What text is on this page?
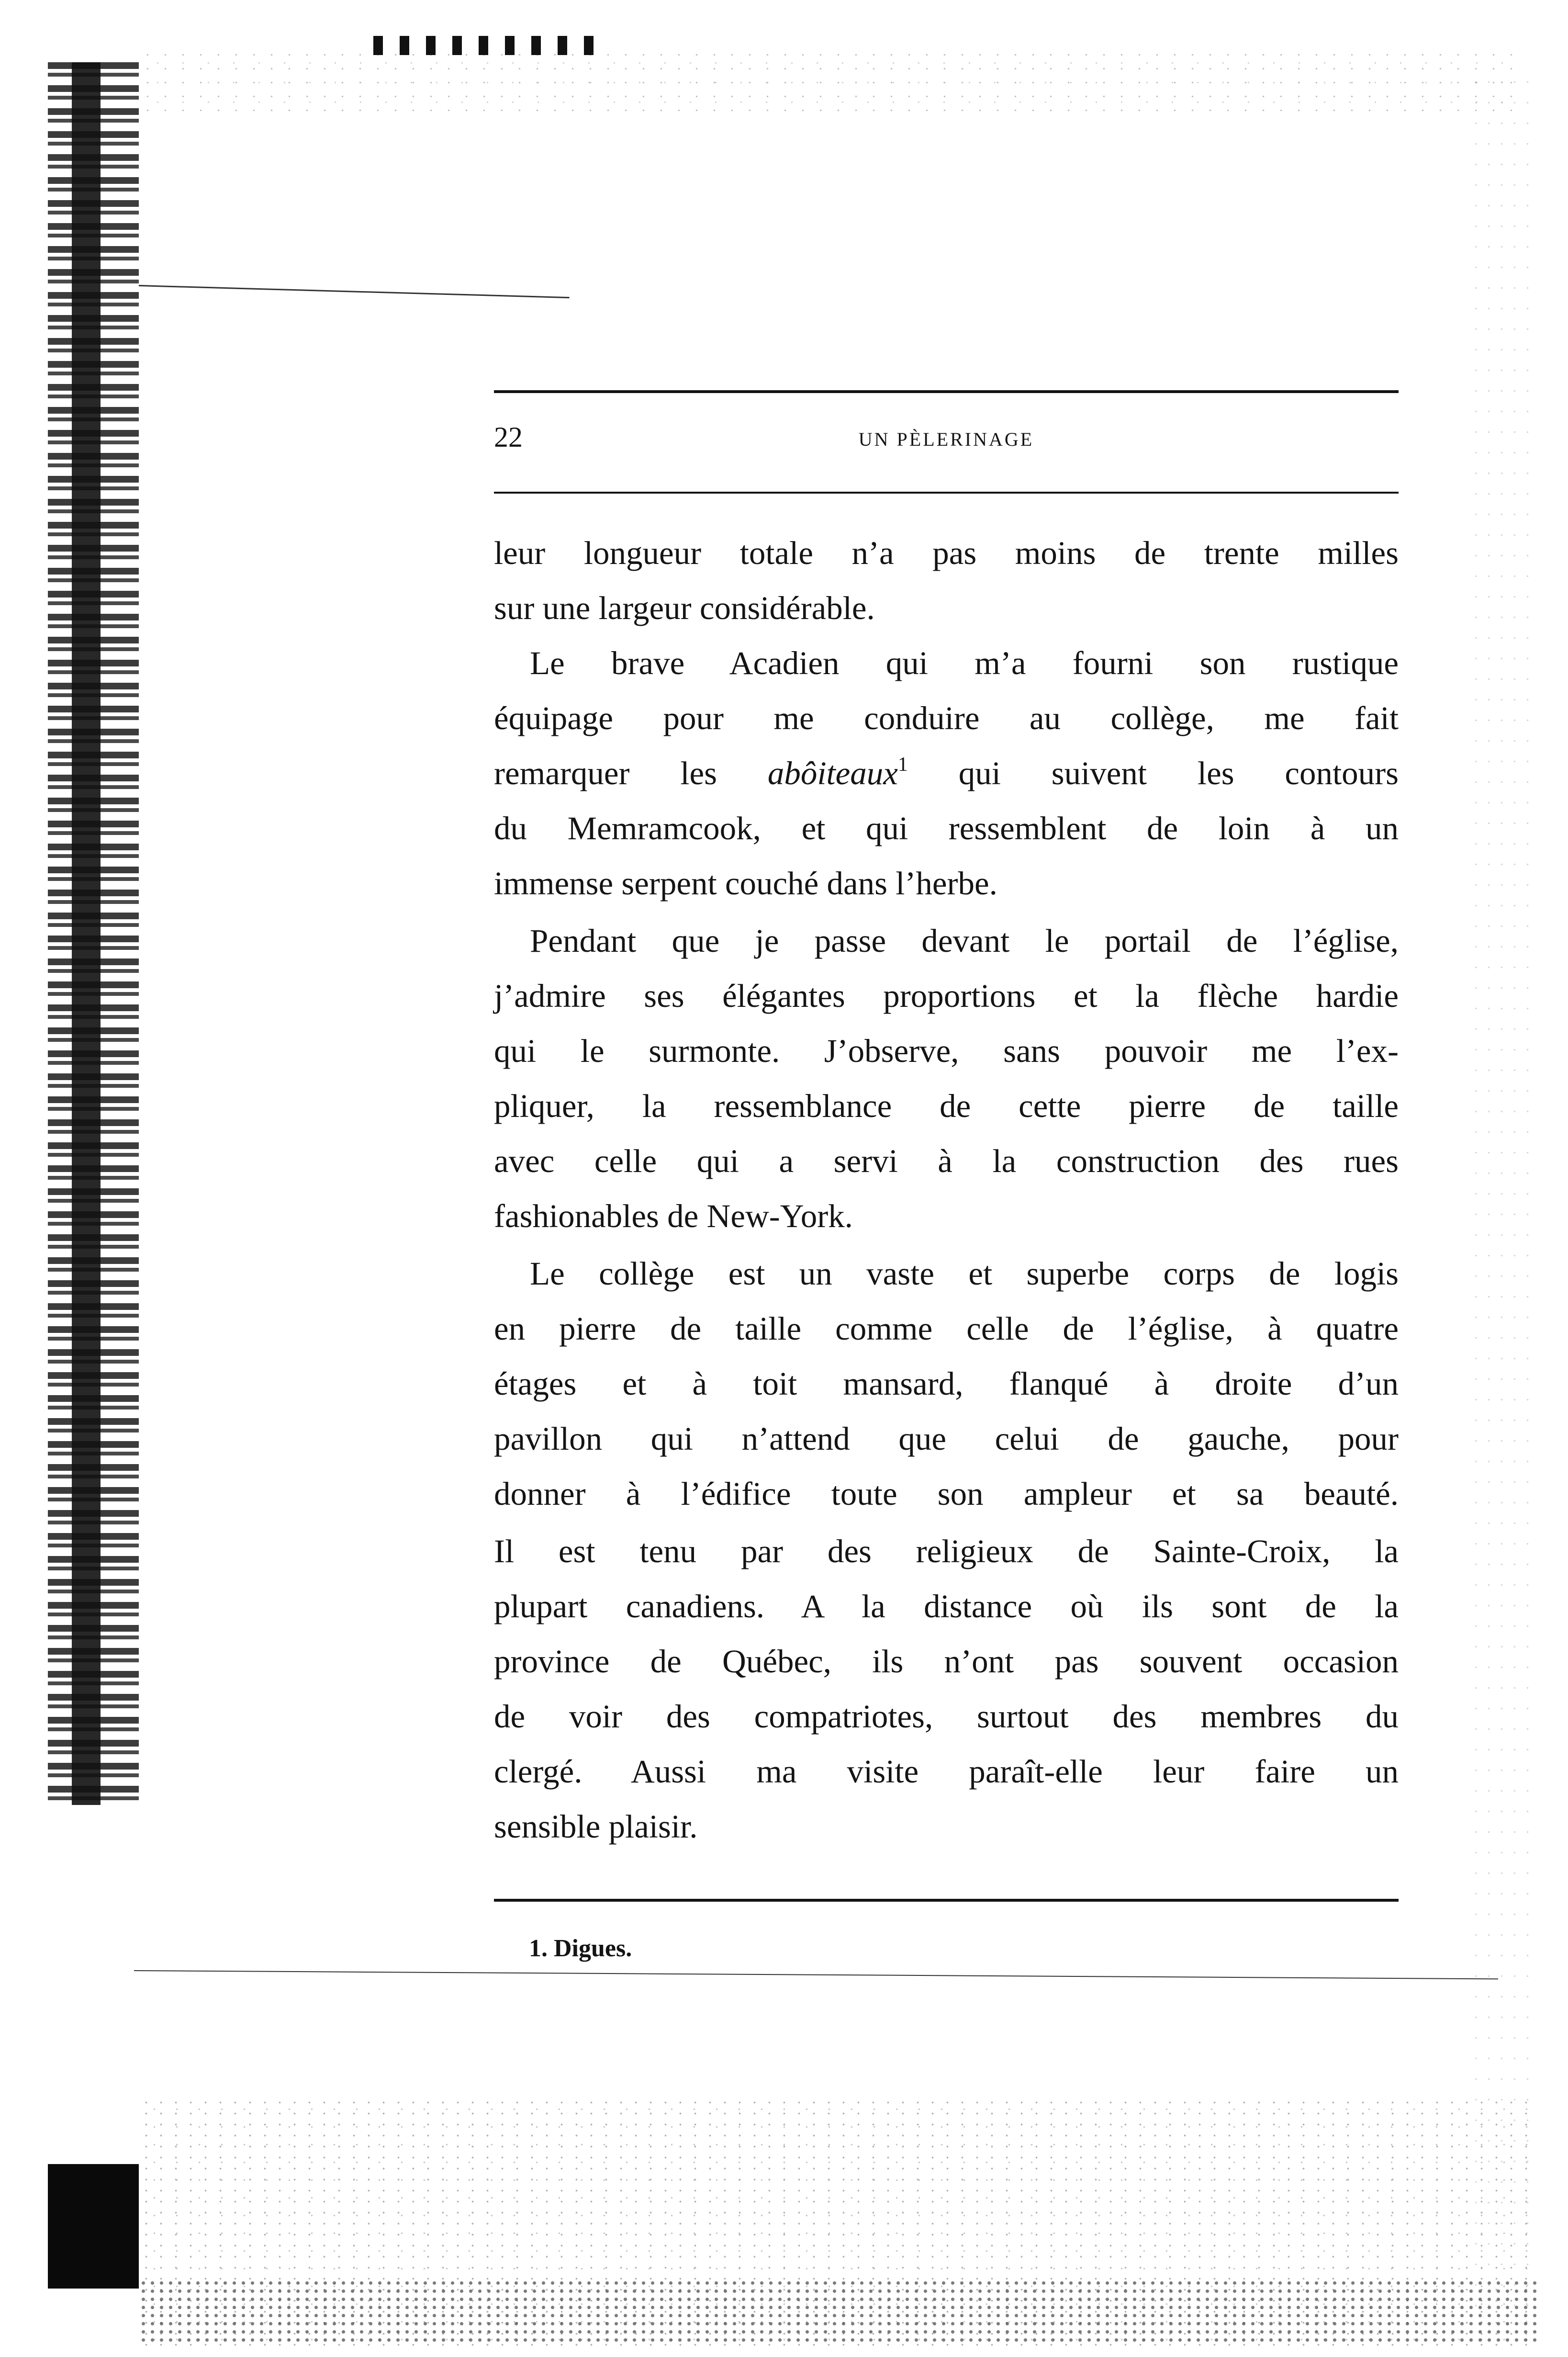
22	UN PÈLERINAGE

leur longueur totale n’a pas moins de trente milles

sur une largeur considérable.

Le brave Acadien qui m’a fourni son rustique

équipage pour me conduire au collège, me fait

remarquer les abôiteaux$^1$ qui suivent les contours

du Memramcook, et qui ressemblent de loin à un

immense serpent couché dans l’herbe.

Pendant que je passe devant le portail de l’église,

j’admire ses élégantes proportions et la flèche hardie

qui le surmonte. J’observe, sans pouvoir me l’ex-

pliquer, la ressemblance de cette pierre de taille

avec celle qui a servi à la construction des rues

fashionables de New-York.

Le collège est un vaste et superbe corps de logis

en pierre de taille comme celle de l’église, à quatre

étages et à toit mansard, flanqué à droite d’un

pavillon qui n’attend que celui de gauche, pour

donner à l’édifice toute son ampleur et sa beauté.

Il est tenu par des religieux de Sainte-Croix, la

plupart canadiens. A la distance où ils sont de la

province de Québec, ils n’ont pas souvent occasion

de voir des compatriotes, surtout des membres du

clergé. Aussi ma visite paraît-elle leur faire un

sensible plaisir.

1. Digues.
